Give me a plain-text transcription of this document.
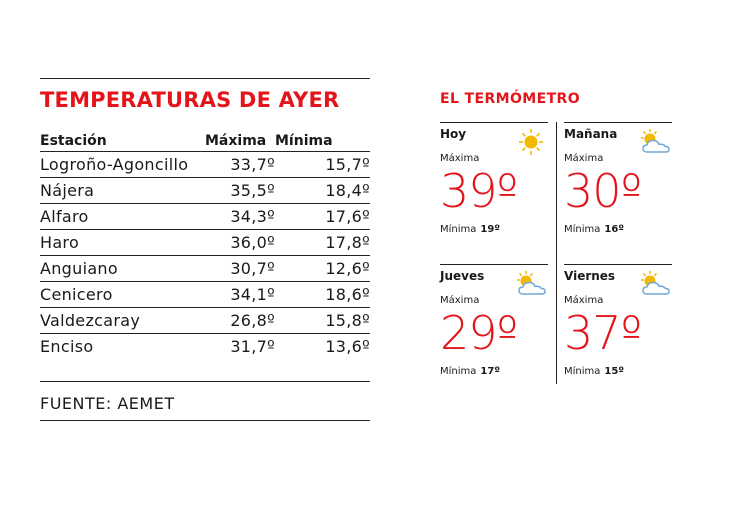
TEMPERATURAS DE AYER
Estación	Máxima	Mínima
Logroño-Agoncillo	33,7º	15,7º
Nájera	35,5º	18,4º
Alfaro	34,3º	17,6º
Haro	36,0º	17,8º
Anguiano	30,7º	12,6º
Cenicero	34,1º	18,6º
Valdezcaray	26,8º	15,8º
Enciso	31,7º	13,6º
FUENTE: AEMET
EL TERMÓMETRO
Hoy
Máxima
39º
Mínima 19º
Mañana
Máxima
30º
Mínima 16º
Jueves
Máxima
29º
Mínima 17º
Viernes
Máxima
37º
Mínima 15º
